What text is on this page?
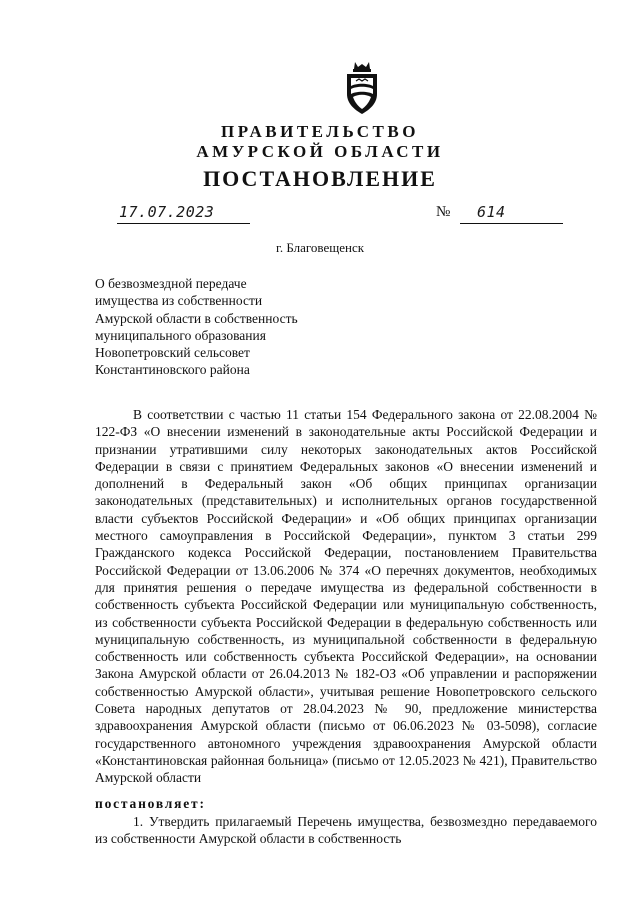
ПРАВИТЕЛЬСТВО

АМУРСКОЙ ОБЛАСТИ

ПОСТАНОВЛЕНИЕ

17.07.2023	№ 614

г. Благовещенск

О безвозмездной передаче
имущества из собственности
Амурской области в собственность
муниципального образования
Новопетровский сельсовет
Константиновского района

В соответствии с частью 11 статьи 154 Федерального закона от 22.08.2004 № 122-ФЗ «О внесении изменений в законодательные акты Российской Федерации и признании утратившими силу некоторых законодательных актов Российской Федерации в связи с принятием Федеральных законов «О внесении изменений и дополнений в Федеральный закон «Об общих принципах организации законодательных (представительных) и исполнительных органов государственной власти субъектов Российской Федерации» и «Об общих принципах организации местного самоуправления в Российской Федерации», пунктом 3 статьи 299 Гражданского кодекса Российской Федерации, постановлением Правительства Российской Федерации от 13.06.2006 № 374 «О перечнях документов, необходимых для принятия решения о передаче имущества из федеральной собственности в собственность субъекта Российской Федерации или муниципальную собственность, из собственности субъекта Российской Федерации в федеральную собственность или муниципальную собственность, из муниципальной собственности в федеральную собственность или собственность субъекта Российской Федерации», на основании Закона Амурской области от 26.04.2013 № 182-ОЗ «Об управлении и распоряжении собственностью Амурской области», учитывая решение Новопетровского сельского Совета народных депутатов от 28.04.2023 № 90, предложение министерства здравоохранения Амурской области (письмо от 06.06.2023 № 03-5098), согласие государственного автономного учреждения здравоохранения Амурской области «Константиновская районная больница» (письмо от 12.05.2023 № 421), Правительство Амурской области

постановляет:

1. Утвердить прилагаемый Перечень имущества, безвозмездно передаваемого из собственности Амурской области в собственность
